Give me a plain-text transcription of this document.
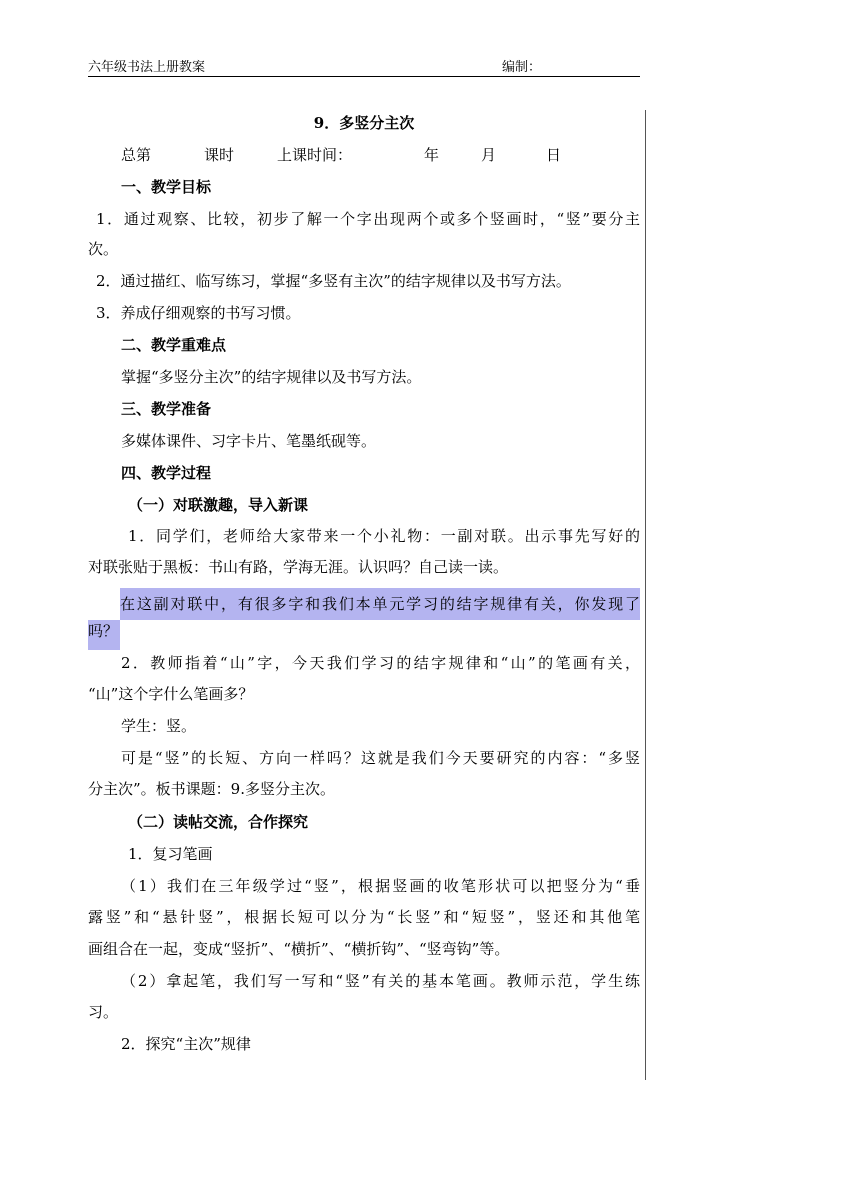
六年级书法上册教案	编制：
9．多竖分主次
总第	课时	上课时间：	年	月	日
一、教学目标
1．通过观察、比较，初步了解一个字出现两个或多个竖画时，“竖”要分主
次。
2．通过描红、临写练习，掌握“多竖有主次”的结字规律以及书写方法。
3．养成仔细观察的书写习惯。
二、教学重难点
掌握“多竖分主次”的结字规律以及书写方法。
三、教学准备
多媒体课件、习字卡片、笔墨纸砚等。
四、教学过程
（一）对联激趣，导入新课
1．同学们，老师给大家带来一个小礼物：一副对联。出示事先写好的
对联张贴于黑板：书山有路，学海无涯。认识吗？自己读一读。
在这副对联中，有很多字和我们本单元学习的结字规律有关，你发现了
吗？
2．教师指着“山”字，今天我们学习的结字规律和“山”的笔画有关，
“山”这个字什么笔画多？
学生：竖。
可是“竖”的长短、方向一样吗？这就是我们今天要研究的内容：“多竖
分主次”。板书课题：9.多竖分主次。
（二）读帖交流，合作探究
1．复习笔画
（1）我们在三年级学过“竖”，根据竖画的收笔形状可以把竖分为“垂
露竖”和“悬针竖”，根据长短可以分为“长竖”和“短竖”，竖还和其他笔
画组合在一起，变成“竖折”、“横折”、“横折钩”、“竖弯钩”等。
（2）拿起笔，我们写一写和“竖”有关的基本笔画。教师示范，学生练
习。
2．探究“主次”规律
